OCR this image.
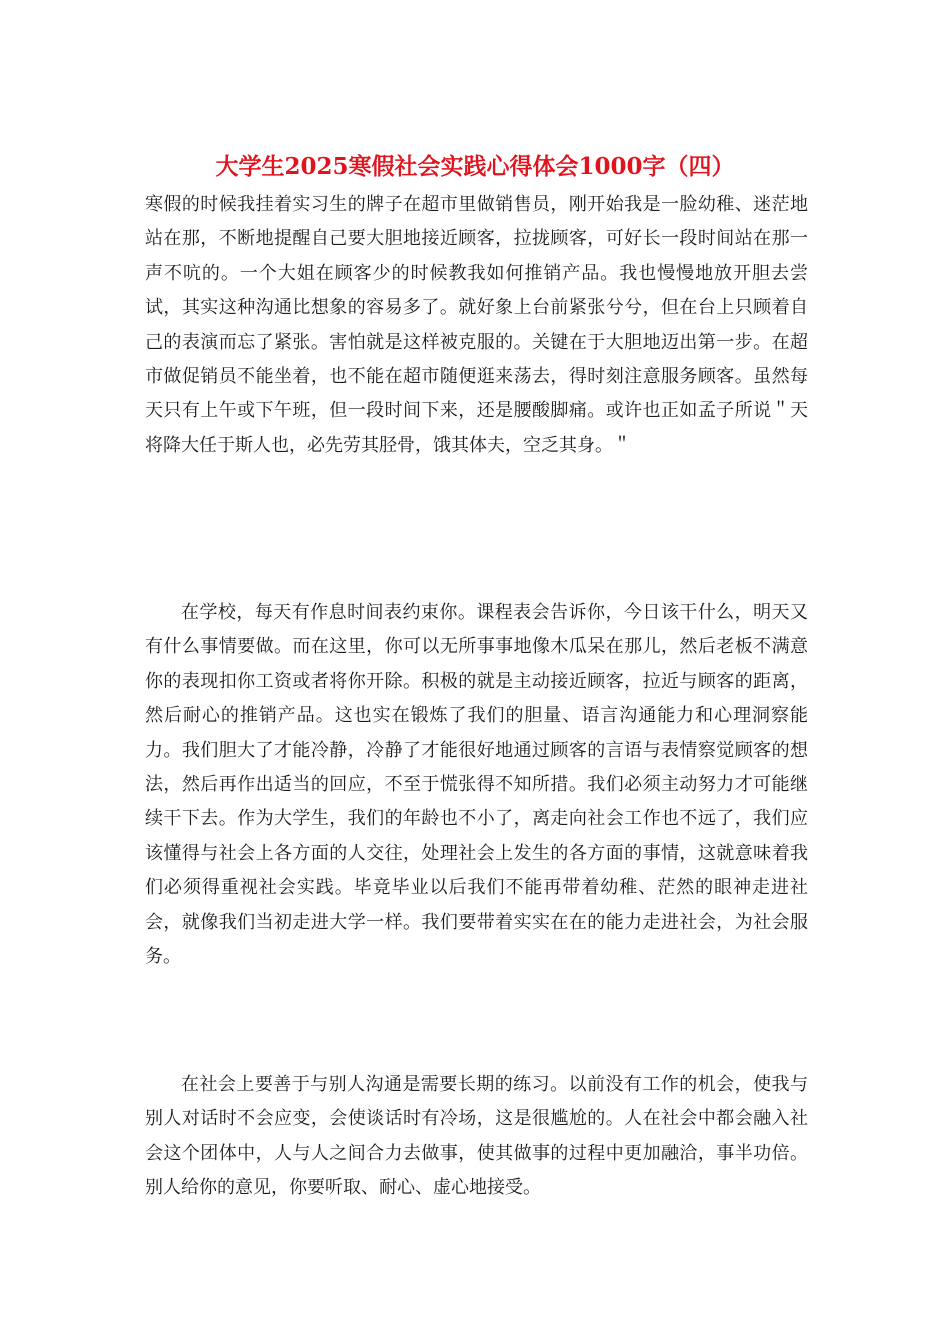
大学生2025寒假社会实践心得体会1000字（四）

寒假的时候我挂着实习生的牌子在超市里做销售员，刚开始我是一脸幼稚、迷茫地站在那，不断地提醒自己要大胆地接近顾客，拉拢顾客，可好长一段时间站在那一声不吭的。一个大姐在顾客少的时候教我如何推销产品。我也慢慢地放开胆去尝试，其实这种沟通比想象的容易多了。就好象上台前紧张兮兮，但在台上只顾着自己的表演而忘了紧张。害怕就是这样被克服的。关键在于大胆地迈出第一步。在超市做促销员不能坐着，也不能在超市随便逛来荡去，得时刻注意服务顾客。虽然每天只有上午或下午班，但一段时间下来，还是腰酸脚痛。或许也正如孟子所说＂天将降大任于斯人也，必先劳其胫骨，饿其体夫，空乏其身。＂

在学校，每天有作息时间表约束你。课程表会告诉你，今日该干什么，明天又有什么事情要做。而在这里，你可以无所事事地像木瓜呆在那儿，然后老板不满意你的表现扣你工资或者将你开除。积极的就是主动接近顾客，拉近与顾客的距离，然后耐心的推销产品。这也实在锻炼了我们的胆量、语言沟通能力和心理洞察能力。我们胆大了才能冷静，冷静了才能很好地通过顾客的言语与表情察觉顾客的想法，然后再作出适当的回应，不至于慌张得不知所措。我们必须主动努力才可能继续干下去。作为大学生，我们的年龄也不小了，离走向社会工作也不远了，我们应该懂得与社会上各方面的人交往，处理社会上发生的各方面的事情，这就意味着我们必须得重视社会实践。毕竟毕业以后我们不能再带着幼稚、茫然的眼神走进社会，就像我们当初走进大学一样。我们要带着实实在在的能力走进社会，为社会服务。

在社会上要善于与别人沟通是需要长期的练习。以前没有工作的机会，使我与别人对话时不会应变，会使谈话时有冷场，这是很尴尬的。人在社会中都会融入社会这个团体中，人与人之间合力去做事，使其做事的过程中更加融洽，事半功倍。别人给你的意见，你要听取、耐心、虚心地接受。
